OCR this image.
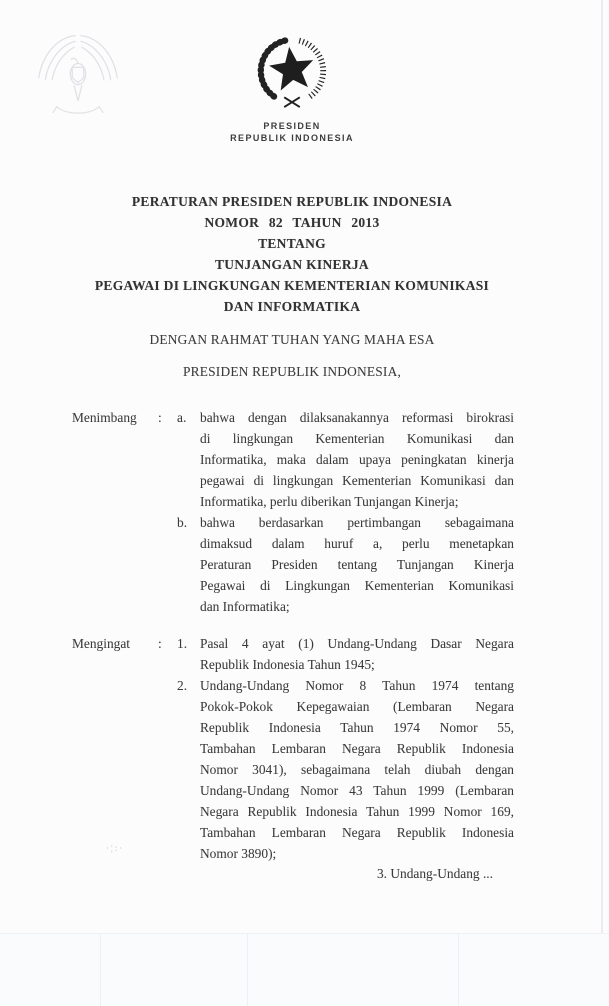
PRESIDEN
REPUBLIK INDONESIA
PERATURAN PRESIDEN REPUBLIK INDONESIA
NOMOR 82 TAHUN 2013
TENTANG
TUNJANGAN KINERJA
PEGAWAI DI LINGKUNGAN KEMENTERIAN KOMUNIKASI
DAN INFORMATIKA
DENGAN RAHMAT TUHAN YANG MAHA ESA
PRESIDEN REPUBLIK INDONESIA,
Menimbang : a.	bahwa dengan dilaksanakannya reformasi birokrasi
di lingkungan Kementerian Komunikasi dan
Informatika, maka dalam upaya peningkatan kinerja
pegawai di lingkungan Kementerian Komunikasi dan
Informatika, perlu diberikan Tunjangan Kinerja;
b. bahwa berdasarkan pertimbangan sebagaimana
dimaksud dalam huruf a, perlu menetapkan
Peraturan Presiden tentang Tunjangan Kinerja
Pegawai di Lingkungan Kementerian Komunikasi
dan Informatika;
Mengingat : 1. Pasal 4 ayat (1) Undang-Undang Dasar Negara
Republik Indonesia Tahun 1945;
2. Undang-Undang Nomor 8 Tahun 1974 tentang
Pokok-Pokok Kepegawaian (Lembaran Negara
Republik Indonesia Tahun 1974 Nomor 55,
Tambahan Lembaran Negara Republik Indonesia
Nomor 3041), sebagaimana telah diubah dengan
Undang-Undang Nomor 43 Tahun 1999 (Lembaran
Negara Republik Indonesia Tahun 1999 Nomor 169,
Tambahan Lembaran Negara Republik Indonesia
Nomor 3890);
3. Undang-Undang ...
·¦:·
